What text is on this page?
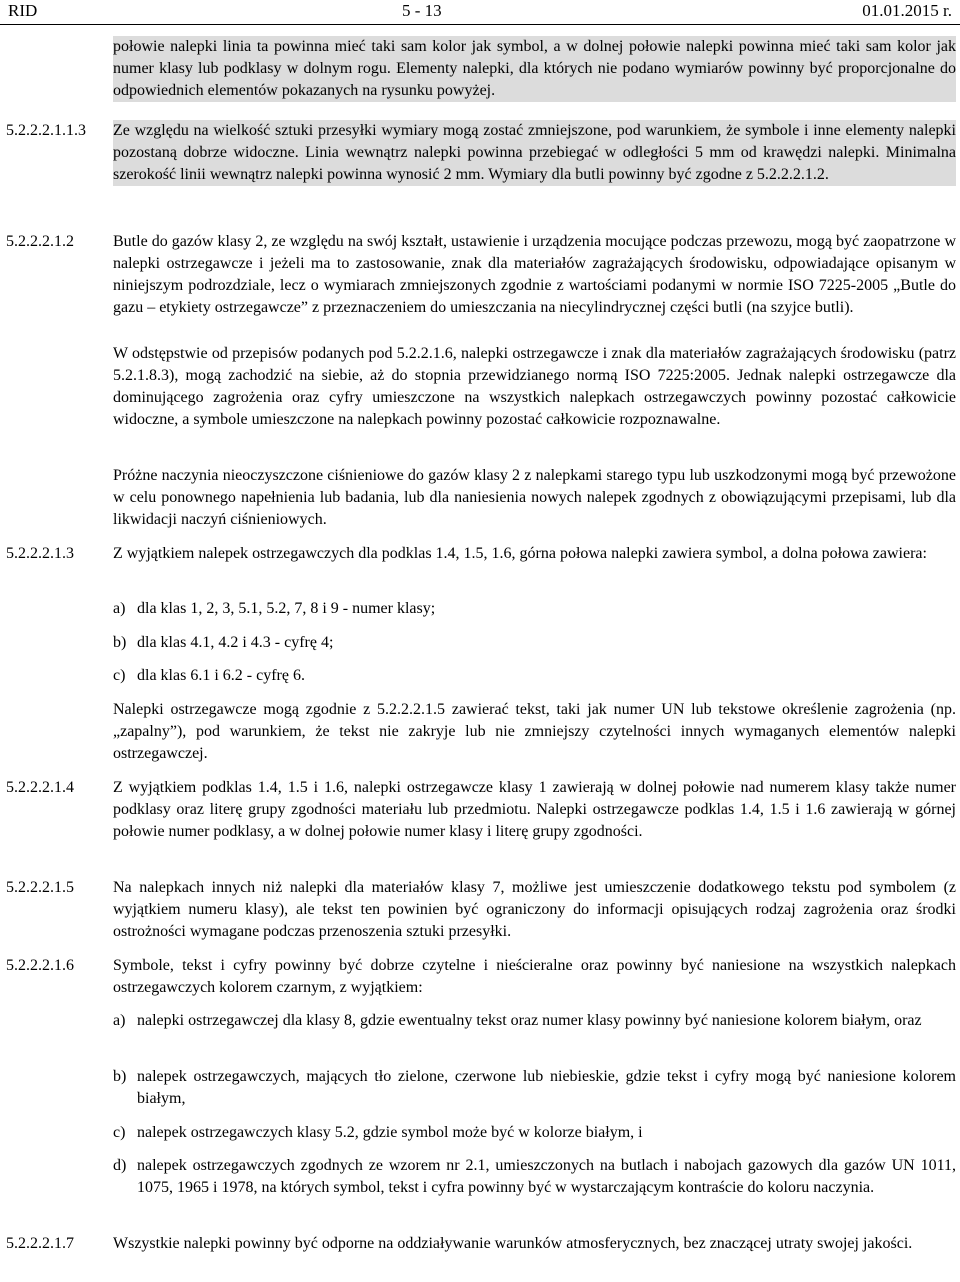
RID	5 - 13	01.01.2015 r.

połowie nalepki linia ta powinna mieć taki sam kolor jak symbol, a w dolnej połowie nalepki powinna mieć taki sam kolor jak numer klasy lub podklasy w dolnym rogu. Elementy nalepki, dla których nie podano wymiarów powinny być proporcjonalne do odpowiednich elementów pokazanych na rysunku powyżej.

5.2.2.2.1.1.3 Ze względu na wielkość sztuki przesyłki wymiary mogą zostać zmniejszone, pod warunkiem, że symbole i inne elementy nalepki pozostaną dobrze widoczne. Linia wewnątrz nalepki powinna przebiegać w odległości 5 mm od krawędzi nalepki. Minimalna szerokość linii wewnątrz nalepki powinna wynosić 2 mm. Wymiary dla butli powinny być zgodne z 5.2.2.2.1.2.

5.2.2.2.1.2 Butle do gazów klasy 2, ze względu na swój kształt, ustawienie i urządzenia mocujące podczas przewozu, mogą być zaopatrzone w nalepki ostrzegawcze i jeżeli ma to zastosowanie, znak dla materiałów zagrażających środowisku, odpowiadające opisanym w niniejszym podrozdziale, lecz o wymiarach zmniejszonych zgodnie z wartościami podanymi w normie ISO 7225-2005 „Butle do gazu – etykiety ostrzegawcze” z przeznaczeniem do umieszczania na niecylindrycznej części butli (na szyjce butli).

W odstępstwie od przepisów podanych pod 5.2.2.1.6, nalepki ostrzegawcze i znak dla materiałów zagrażających środowisku (patrz 5.2.1.8.3), mogą zachodzić na siebie, aż do stopnia przewidzianego normą ISO 7225:2005. Jednak nalepki ostrzegawcze dla dominującego zagrożenia oraz cyfry umieszczone na wszystkich nalepkach ostrzegawczych powinny pozostać całkowicie widoczne, a symbole umieszczone na nalepkach powinny pozostać całkowicie rozpoznawalne.

Próżne naczynia nieoczyszczone ciśnieniowe do gazów klasy 2 z nalepkami starego typu lub uszkodzonymi mogą być przewożone w celu ponownego napełnienia lub badania, lub dla naniesienia nowych nalepek zgodnych z obowiązującymi przepisami, lub dla likwidacji naczyń ciśnieniowych.

5.2.2.2.1.3 Z wyjątkiem nalepek ostrzegawczych dla podklas 1.4, 1.5, 1.6, górna połowa nalepki zawiera symbol, a dolna połowa zawiera:

a) dla klas 1, 2, 3, 5.1, 5.2, 7, 8 i 9 - numer klasy;
b) dla klas 4.1, 4.2 i 4.3 - cyfrę 4;
c) dla klas 6.1 i 6.2 - cyfrę 6.

Nalepki ostrzegawcze mogą zgodnie z 5.2.2.2.1.5 zawierać tekst, taki jak numer UN lub tekstowe określenie zagrożenia (np. „zapalny”), pod warunkiem, że tekst nie zakryje lub nie zmniejszy czytelności innych wymaganych elementów nalepki ostrzegawczej.

5.2.2.2.1.4 Z wyjątkiem podklas 1.4, 1.5 i 1.6, nalepki ostrzegawcze klasy 1 zawierają w dolnej połowie nad numerem klasy także numer podklasy oraz literę grupy zgodności materiału lub przedmiotu. Nalepki ostrzegawcze podklas 1.4, 1.5 i 1.6 zawierają w górnej połowie numer podklasy, a w dolnej połowie numer klasy i literę grupy zgodności.

5.2.2.2.1.5 Na nalepkach innych niż nalepki dla materiałów klasy 7, możliwe jest umieszczenie dodatkowego tekstu pod symbolem (z wyjątkiem numeru klasy), ale tekst ten powinien być ograniczony do informacji opisujących rodzaj zagrożenia oraz środki ostrożności wymagane podczas przenoszenia sztuki przesyłki.

5.2.2.2.1.6 Symbole, tekst i cyfry powinny być dobrze czytelne i nieścieralne oraz powinny być naniesione na wszystkich nalepkach ostrzegawczych kolorem czarnym, z wyjątkiem:

a) nalepki ostrzegawczej dla klasy 8, gdzie ewentualny tekst oraz numer klasy powinny być naniesione kolorem białym, oraz
b) nalepek ostrzegawczych, mających tło zielone, czerwone lub niebieskie, gdzie tekst i cyfry mogą być naniesione kolorem białym,
c) nalepek ostrzegawczych klasy 5.2, gdzie symbol może być w kolorze białym, i
d) nalepek ostrzegawczych zgodnych ze wzorem nr 2.1, umieszczonych na butlach i nabojach gazowych dla gazów UN 1011, 1075, 1965 i 1978, na których symbol, tekst i cyfra powinny być w wystarczającym kontraście do koloru naczynia.
5.2.2.2.1.7 Wszystkie nalepki powinny być odporne na oddziaływanie warunków atmosferycznych, bez znaczącej utraty swojej jakości.
